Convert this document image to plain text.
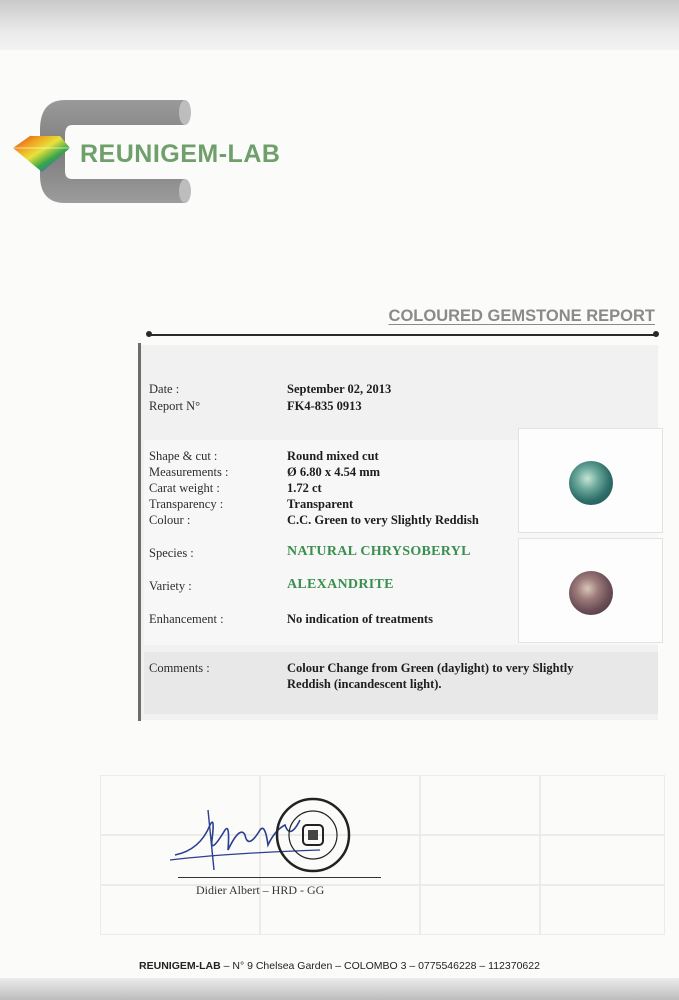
REUNIGEM-LAB
COLOURED GEMSTONE REPORT
Date :	September 02, 2013
Report N°	FK4-835 0913
Shape & cut :	Round mixed cut
Measurements :	Ø 6.80 x 4.54 mm
Carat weight :	1.72 ct
Transparency :	Transparent
Colour :	C.C. Green to very Slightly Reddish
Species :	NATURAL CHRYSOBERYL
Variety :	ALEXANDRITE
Enhancement :	No indication of treatments
Comments :	Colour Change from Green (daylight) to very Slightly
Reddish (incandescent light).
Didier Albert – HRD - GG
REUNIGEM-LAB – N° 9 Chelsea Garden – COLOMBO 3 – 0775546228 – 112370622
